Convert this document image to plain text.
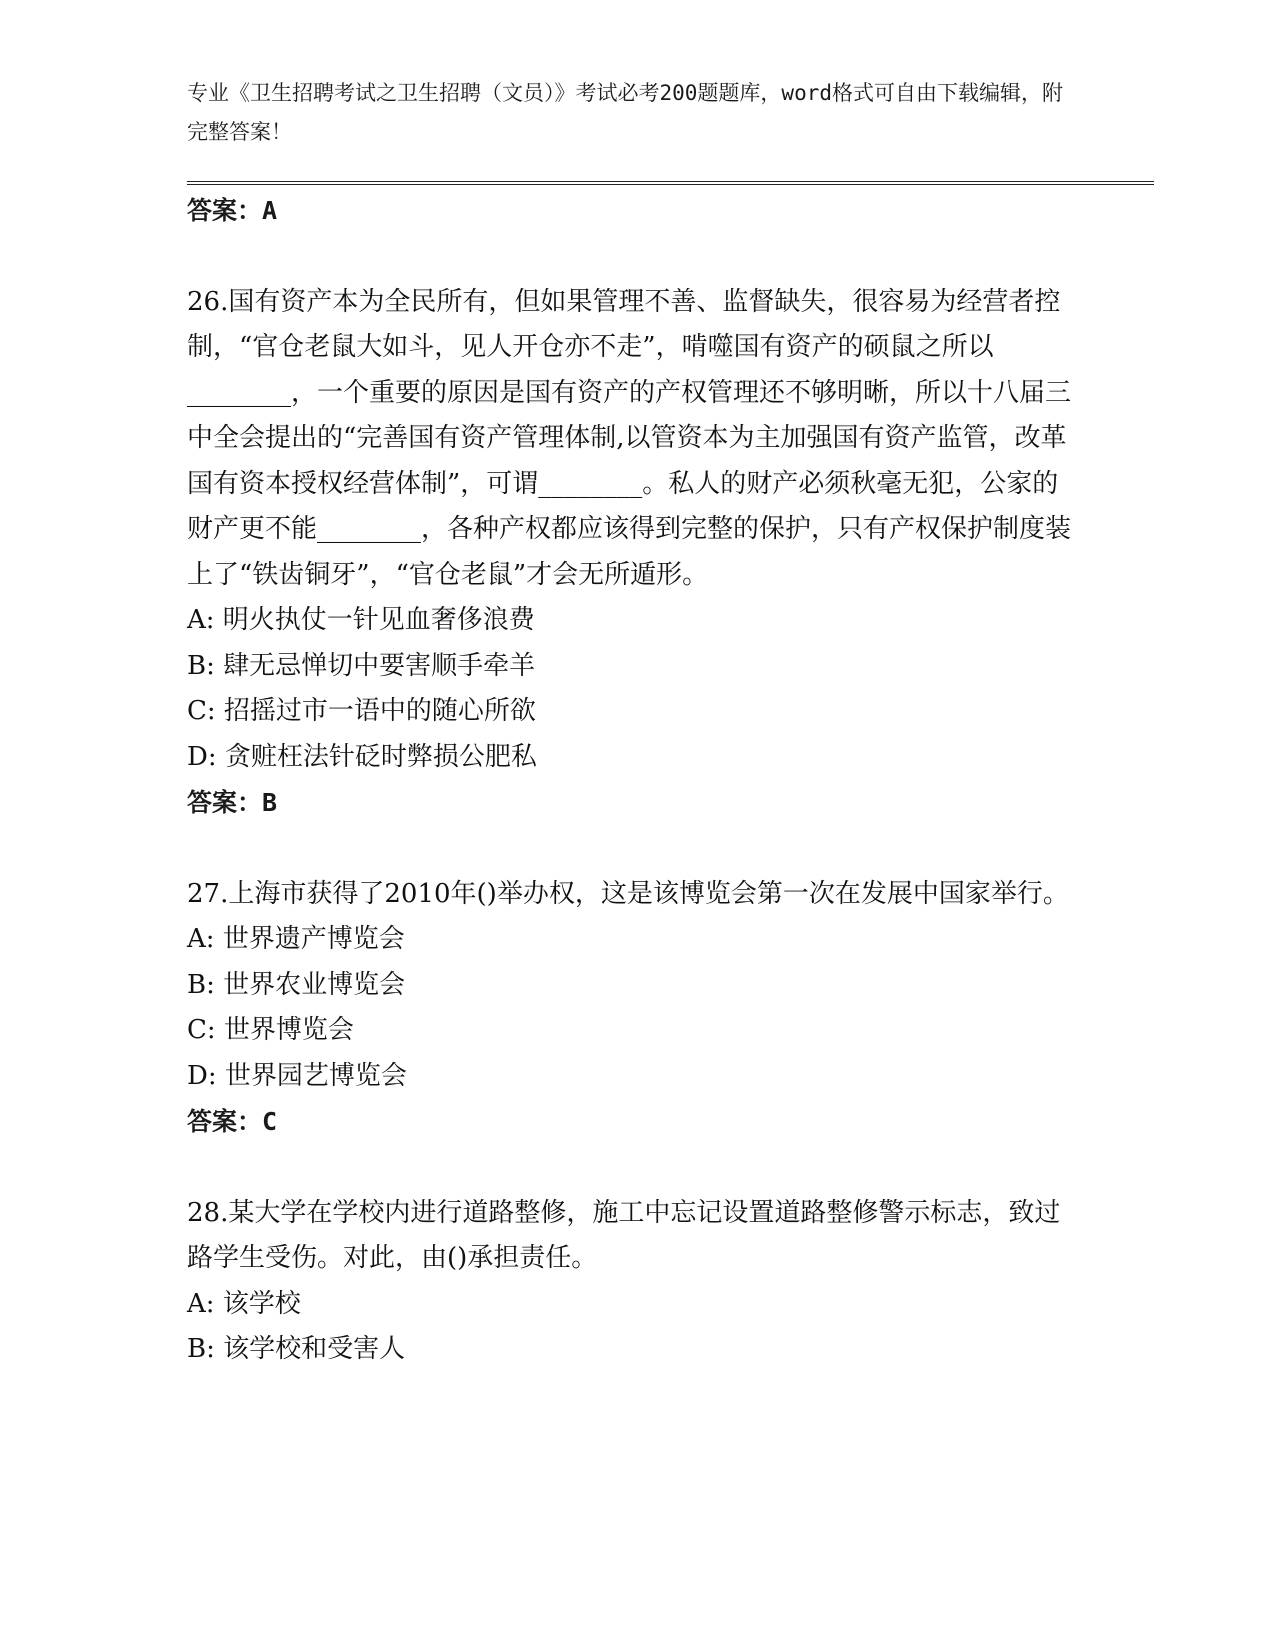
专业《卫生招聘考试之卫生招聘（文员）》考试必考200题题库，word格式可自由下载编辑，附完整答案！
答案：A
26.国有资产本为全民所有，但如果管理不善、监督缺失，很容易为经营者控制，“官仓老鼠大如斗，见人开仓亦不走”，啃噬国有资产的硕鼠之所以________，一个重要的原因是国有资产的产权管理还不够明晰，所以十八届三中全会提出的“完善国有资产管理体制,以管资本为主加强国有资产监管，改革国有资本授权经营体制”，可谓________。私人的财产必须秋毫无犯，公家的财产更不能________，各种产权都应该得到完整的保护，只有产权保护制度装上了“铁齿铜牙”，“官仓老鼠”才会无所遁形。
A: 明火执仗一针见血奢侈浪费
B: 肆无忌惮切中要害顺手牵羊
C: 招摇过市一语中的随心所欲
D: 贪赃枉法针砭时弊损公肥私
答案：B
27.上海市获得了2010年()举办权，这是该博览会第一次在发展中国家举行。
A: 世界遗产博览会
B: 世界农业博览会
C: 世界博览会
D: 世界园艺博览会
答案：C
28.某大学在学校内进行道路整修，施工中忘记设置道路整修警示标志，致过路学生受伤。对此，由()承担责任。
A: 该学校
B: 该学校和受害人
